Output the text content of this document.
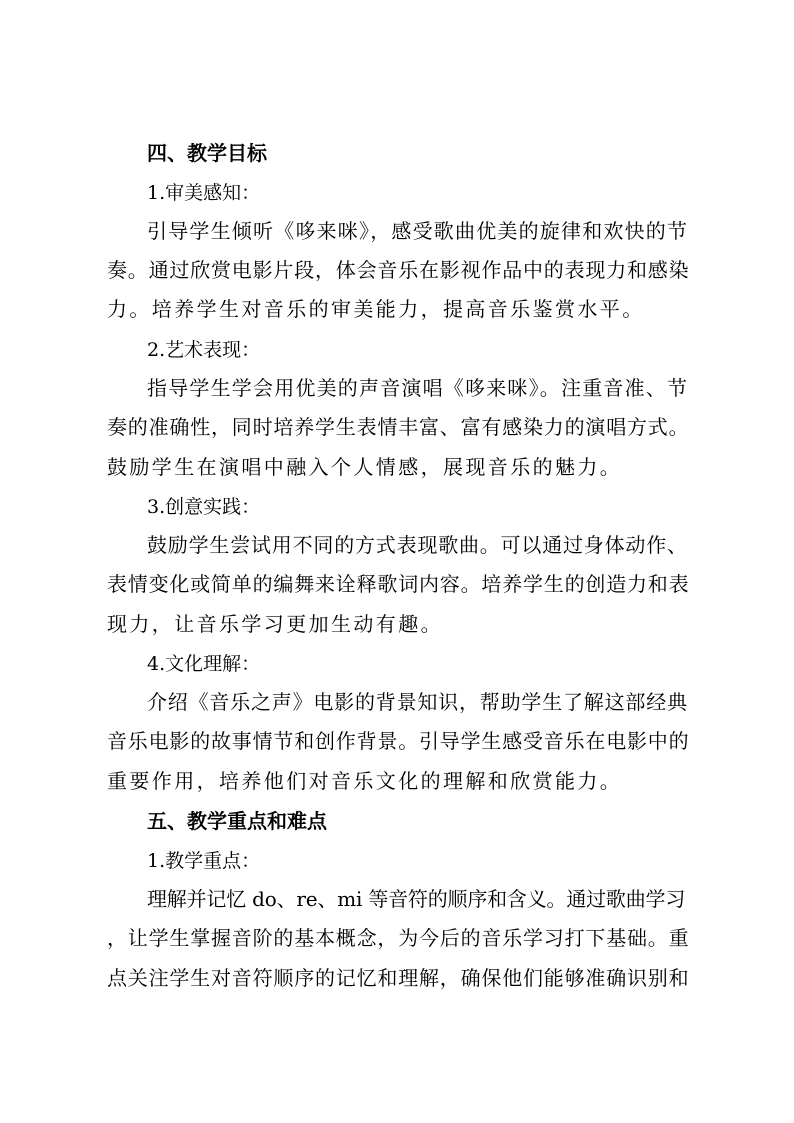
四、教学目标
1.审美感知：
引导学生倾听《哆来咪》，感受歌曲优美的旋律和欢快的节
奏。通过欣赏电影片段，体会音乐在影视作品中的表现力和感染
力。培养学生对音乐的审美能力，提高音乐鉴赏水平。
2.艺术表现：
指导学生学会用优美的声音演唱《哆来咪》。注重音准、节
奏的准确性，同时培养学生表情丰富、富有感染力的演唱方式。
鼓励学生在演唱中融入个人情感，展现音乐的魅力。
3.创意实践：
鼓励学生尝试用不同的方式表现歌曲。可以通过身体动作、
表情变化或简单的编舞来诠释歌词内容。培养学生的创造力和表
现力，让音乐学习更加生动有趣。
4.文化理解：
介绍《音乐之声》电影的背景知识，帮助学生了解这部经典
音乐电影的故事情节和创作背景。引导学生感受音乐在电影中的
重要作用，培养他们对音乐文化的理解和欣赏能力。
五、教学重点和难点
1.教学重点：
理解并记忆 do、re、mi 等音符的顺序和含义。通过歌曲学习
，让学生掌握音阶的基本概念，为今后的音乐学习打下基础。重
点关注学生对音符顺序的记忆和理解，确保他们能够准确识别和
